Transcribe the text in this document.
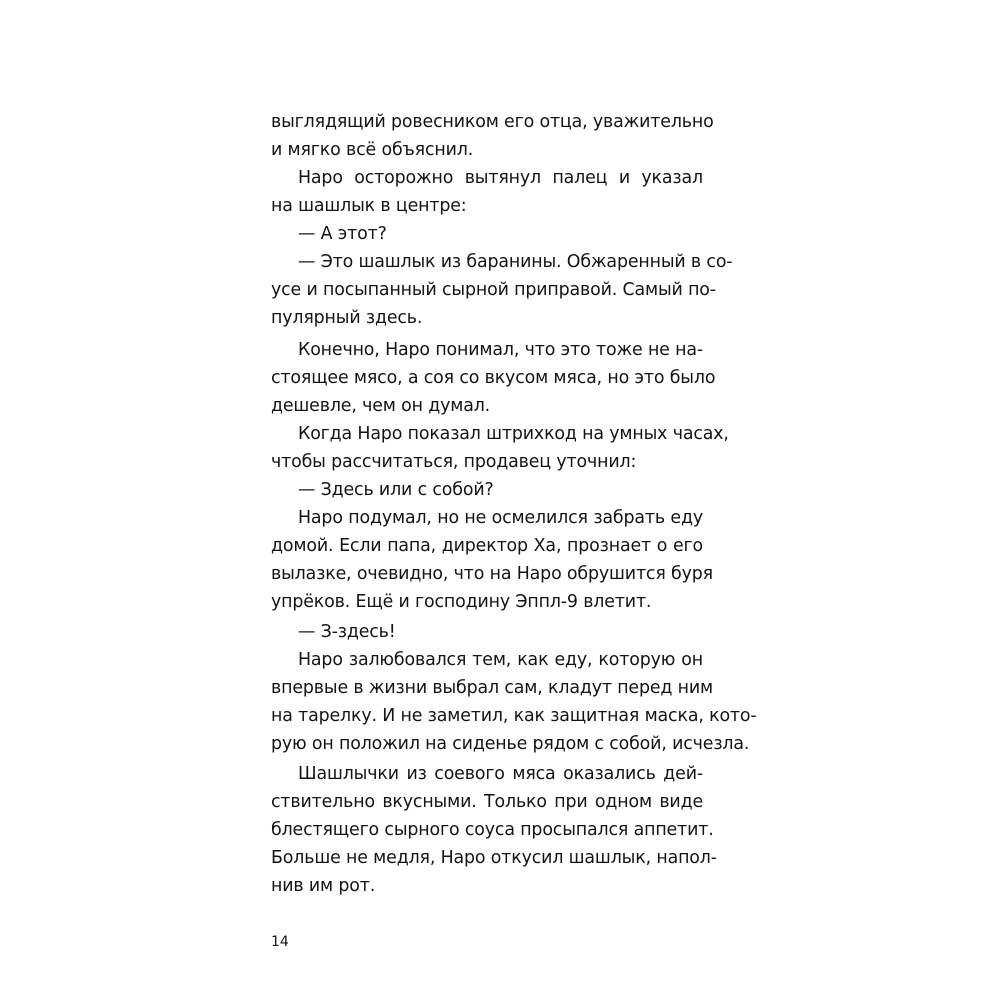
выглядящий ровесником его отца, уважительно
и мягко всё объяснил.
Наро осторожно вытянул палец и указал
на шашлык в центре:
— А этот?
— Это шашлык из баранины. Обжаренный в со-
усе и посыпанный сырной приправой. Самый по-
пулярный здесь.
Конечно, Наро понимал, что это тоже не на-
стоящее мясо, а соя со вкусом мяса, но это было
дешевле, чем он думал.
Когда Наро показал штрихкод на умных часах,
чтобы рассчитаться, продавец уточнил:
— Здесь или с собой?
Наро подумал, но не осмелился забрать еду
домой. Если папа, директор Ха, прознает о его
вылазке, очевидно, что на Наро обрушится буря
упрёков. Ещё и господину Эппл-9 влетит.
— З-здесь!
Наро залюбовался тем, как еду, которую он
впервые в жизни выбрал сам, кладут перед ним
на тарелку. И не заметил, как защитная маска, кото-
рую он положил на сиденье рядом с собой, исчезла.
Шашлычки из соевого мяса оказались дей-
ствительно вкусными. Только при одном виде
блестящего сырного соуса просыпался аппетит.
Больше не медля, Наро откусил шашлык, напол-
нив им рот.
14
